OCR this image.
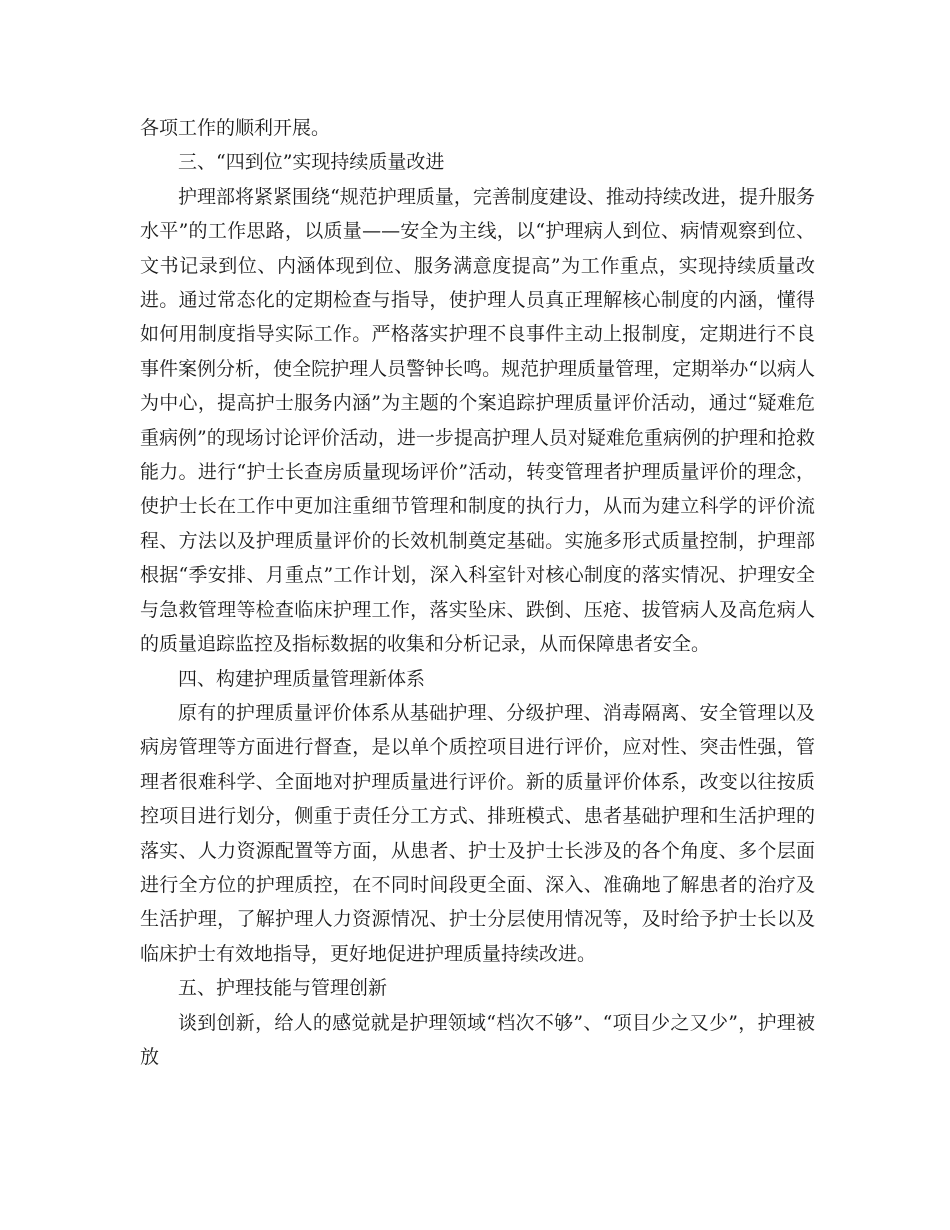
各项工作的顺利开展。

三、“四到位”实现持续质量改进

护理部将紧紧围绕“规范护理质量，完善制度建设、推动持续改进，提升服务水平”的工作思路，以质量——安全为主线，以“护理病人到位、病情观察到位、文书记录到位、内涵体现到位、服务满意度提高”为工作重点，实现持续质量改进。通过常态化的定期检查与指导，使护理人员真正理解核心制度的内涵，懂得如何用制度指导实际工作。严格落实护理不良事件主动上报制度，定期进行不良事件案例分析，使全院护理人员警钟长鸣。规范护理质量管理，定期举办“以病人为中心，提高护士服务内涵”为主题的个案追踪护理质量评价活动，通过“疑难危重病例”的现场讨论评价活动，进一步提高护理人员对疑难危重病例的护理和抢救能力。进行“护士长查房质量现场评价”活动，转变管理者护理质量评价的理念，使护士长在工作中更加注重细节管理和制度的执行力，从而为建立科学的评价流程、方法以及护理质量评价的长效机制奠定基础。实施多形式质量控制，护理部根据“季安排、月重点”工作计划，深入科室针对核心制度的落实情况、护理安全与急救管理等检查临床护理工作，落实坠床、跌倒、压疮、拔管病人及高危病人的质量追踪监控及指标数据的收集和分析记录，从而保障患者安全。

四、构建护理质量管理新体系

原有的护理质量评价体系从基础护理、分级护理、消毒隔离、安全管理以及病房管理等方面进行督查，是以单个质控项目进行评价，应对性、突击性强，管理者很难科学、全面地对护理质量进行评价。新的质量评价体系，改变以往按质控项目进行划分，侧重于责任分工方式、排班模式、患者基础护理和生活护理的落实、人力资源配置等方面，从患者、护士及护士长涉及的各个角度、多个层面进行全方位的护理质控，在不同时间段更全面、深入、准确地了解患者的治疗及生活护理，了解护理人力资源情况、护士分层使用情况等，及时给予护士长以及临床护士有效地指导，更好地促进护理质量持续改进。

五、护理技能与管理创新

谈到创新，给人的感觉就是护理领域“档次不够”、“项目少之又少”，护理被放
